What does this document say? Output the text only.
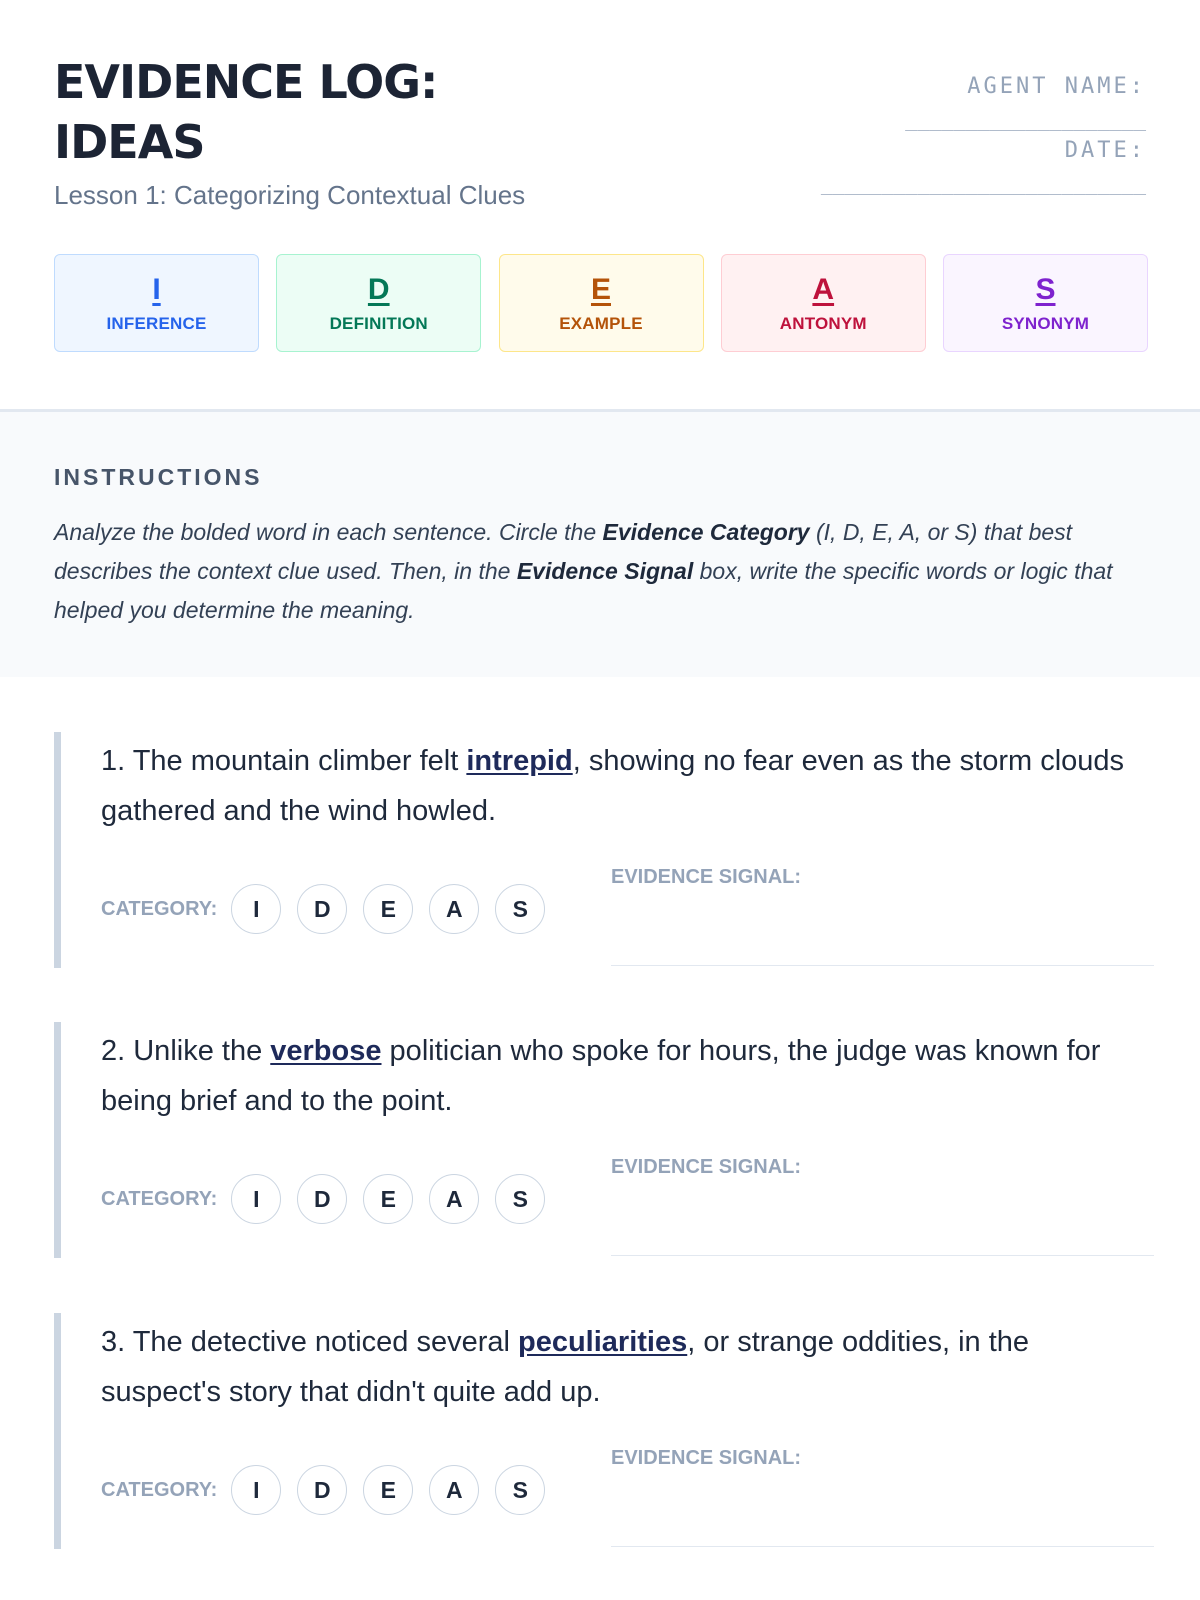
EVIDENCE LOG:
IDEAS
Lesson 1: Categorizing Contextual Clues
AGENT NAME:
____________________
DATE:
___________________________
I
INFERENCE
D
DEFINITION
E
EXAMPLE
A
ANTONYM
S
SYNONYM
INSTRUCTIONS

Analyze the bolded word in each sentence. Circle the Evidence Category (I, D, E, A, or S) that best describes the context clue used. Then, in the Evidence Signal box, write the specific words or logic that helped you determine the meaning.

1. The mountain climber felt intrepid, showing no fear even as the storm clouds gathered and the wind howled.

CATEGORY:	I	D	E	A	S
EVIDENCE SIGNAL:

2. Unlike the verbose politician who spoke for hours, the judge was known for being brief and to the point.

CATEGORY:	I	D	E	A	S
EVIDENCE SIGNAL:

3. The detective noticed several peculiarities, or strange oddities, in the suspect's story that didn't quite add up.

CATEGORY:	I	D	E	A	S
EVIDENCE SIGNAL:
